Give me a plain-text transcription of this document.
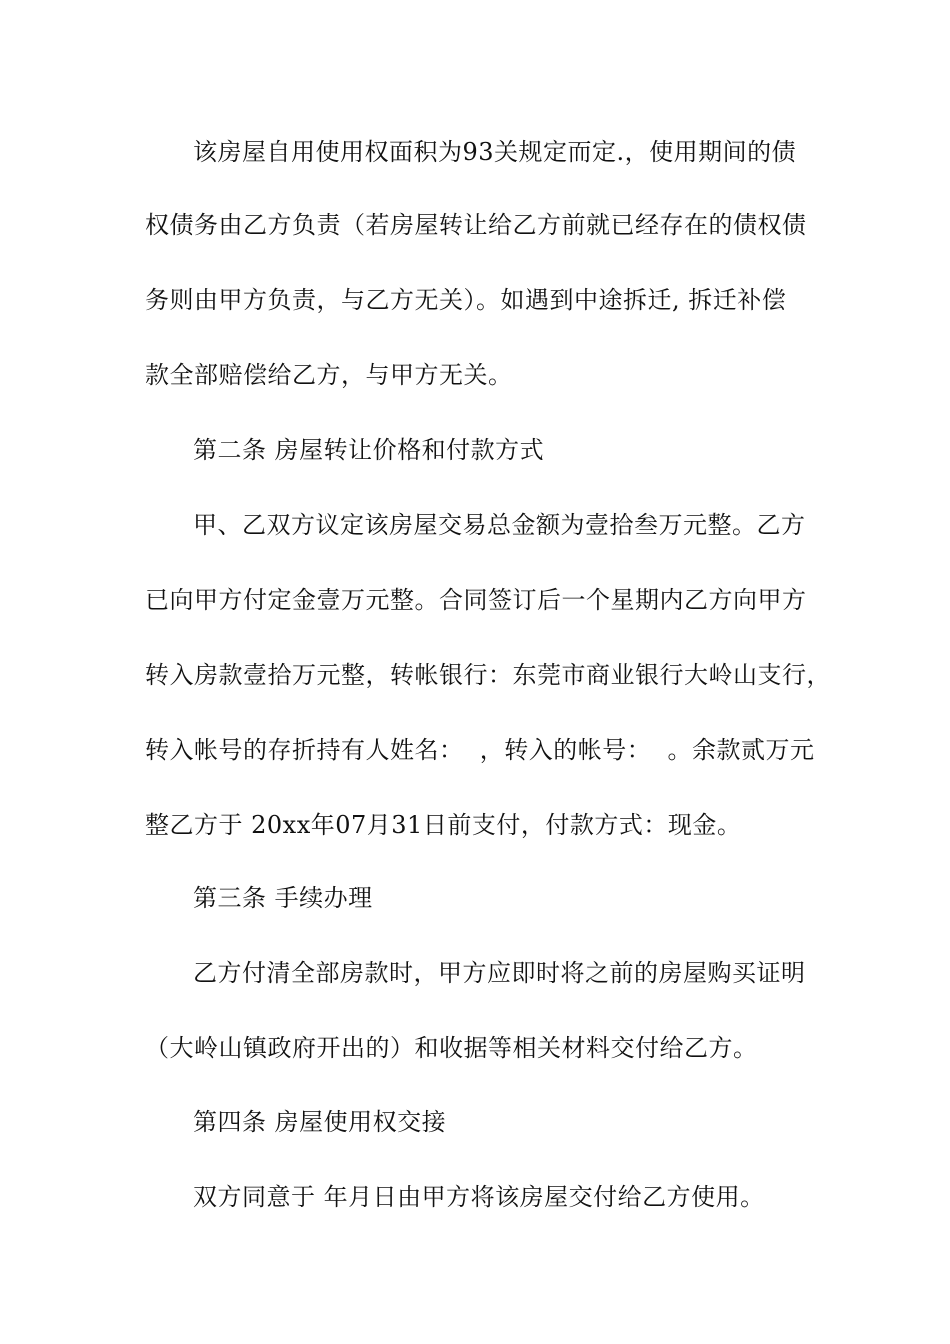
该房屋自用使用权面积为93关规定而定.，使用期间的债
权债务由乙方负责（若房屋转让给乙方前就已经存在的债权债
务则由甲方负责，与乙方无关）。如遇到中途拆迁, 拆迁补偿
款全部赔偿给乙方，与甲方无关。
第二条 房屋转让价格和付款方式
甲、乙双方议定该房屋交易总金额为壹拾叁万元整。乙方
已向甲方付定金壹万元整。合同签订后一个星期内乙方向甲方
转入房款壹拾万元整，转帐银行：东莞市商业银行大岭山支行，
转入帐号的存折持有人姓名：  ，转入的帐号：  。余款贰万元
整乙方于 20xx年07月31日前支付，付款方式：现金。
第三条 手续办理
乙方付清全部房款时，甲方应即时将之前的房屋购买证明
（大岭山镇政府开出的）和收据等相关材料交付给乙方。
第四条 房屋使用权交接
双方同意于 年月日由甲方将该房屋交付给乙方使用。
